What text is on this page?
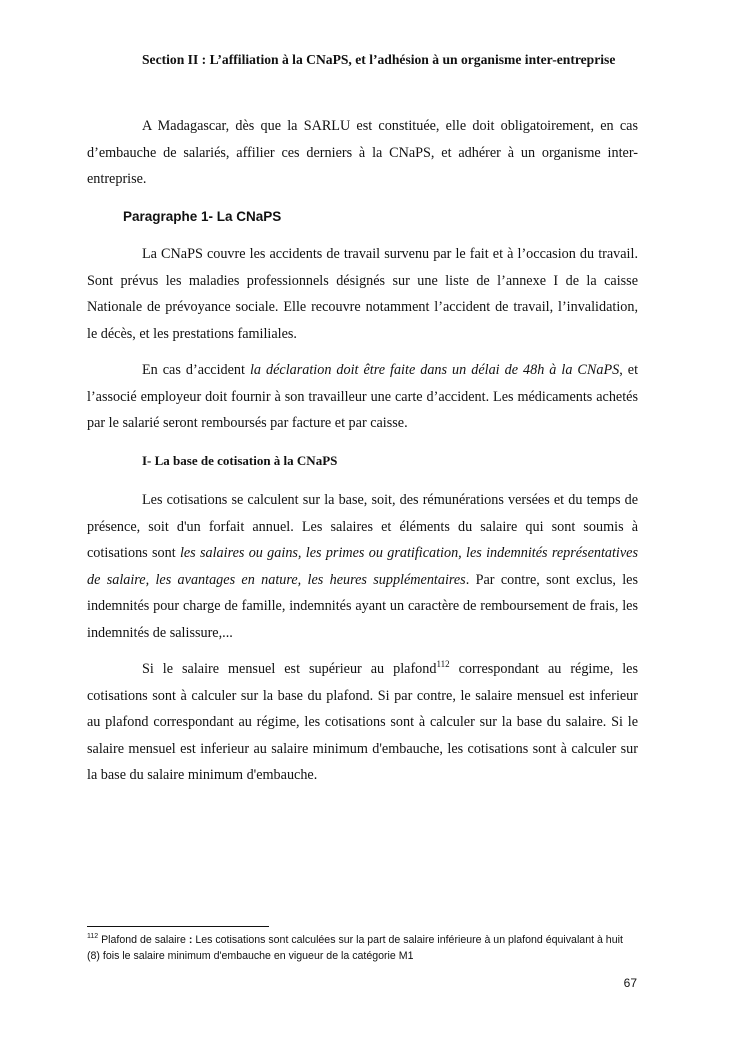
Section II : L’affiliation à la CNaPS, et l’adhésion à un organisme inter-entreprise

A Madagascar, dès que la SARLU est constituée, elle doit obligatoirement, en cas d’embauche de salariés, affilier ces derniers à la CNaPS, et adhérer à un organisme inter-entreprise.

Paragraphe 1- La CNaPS

La CNaPS couvre les accidents de travail survenu par le fait et à l’occasion du travail. Sont prévus les maladies professionnels désignés sur une liste de l’annexe I de la caisse Nationale de prévoyance sociale. Elle recouvre notamment l’accident de travail, l’invalidation, le décès, et les prestations familiales.

En cas d’accident la déclaration doit être faite dans un délai de 48h à la CNaPS, et l’associé employeur doit fournir à son travailleur une carte d’accident. Les médicaments achetés par le salarié seront remboursés par facture et par caisse.

I- La base de cotisation à la CNaPS

Les cotisations se calculent sur la base, soit, des rémunérations versées et du temps de présence, soit d'un forfait annuel. Les salaires et éléments du salaire qui sont soumis à cotisations sont les salaires ou gains, les primes ou gratification, les indemnités représentatives de salaire, les avantages en nature, les heures supplémentaires. Par contre, sont exclus, les indemnités pour charge de famille, indemnités ayant un caractère de remboursement de frais, les indemnités de salissure,...

Si le salaire mensuel est supérieur au plafond$^{112}$ correspondant au régime, les cotisations sont à calculer sur la base du plafond. Si par contre, le salaire mensuel est inferieur au plafond correspondant au régime, les cotisations sont à calculer sur la base du salaire. Si le salaire mensuel est inferieur au salaire minimum d'embauche, les cotisations sont à calculer sur la base du salaire minimum d'embauche.

$^{112}$ Plafond de salaire : Les cotisations sont calculées sur la part de salaire inférieure à un plafond équivalant à huit (8) fois le salaire minimum d'embauche en vigueur de la catégorie M1

67
